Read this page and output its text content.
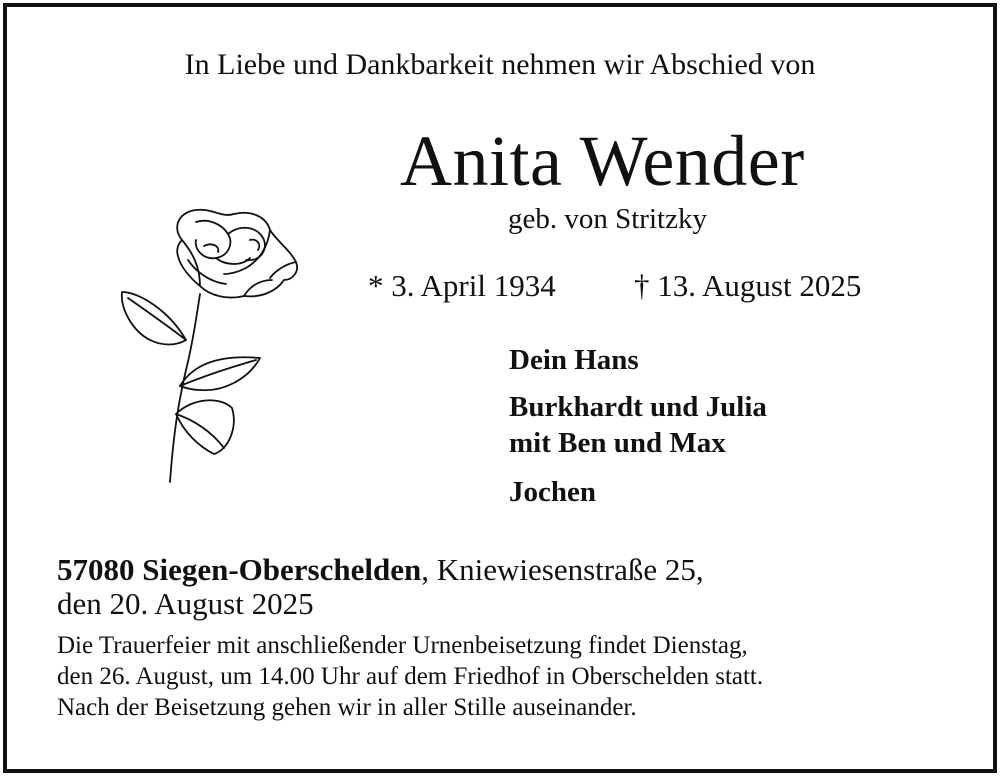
In Liebe und Dankbarkeit nehmen wir Abschied von
Anita Wender
geb. von Stritzky
* 3. April 1934	† 13. August 2025
Dein Hans
Burkhardt und Julia
mit Ben und Max
Jochen
57080 Siegen-Oberschelden, Kniewiesenstraße 25,
den 20. August 2025
Die Trauerfeier mit anschließender Urnenbeisetzung findet Dienstag,
den 26. August, um 14.00 Uhr auf dem Friedhof in Oberschelden statt.
Nach der Beisetzung gehen wir in aller Stille auseinander.
